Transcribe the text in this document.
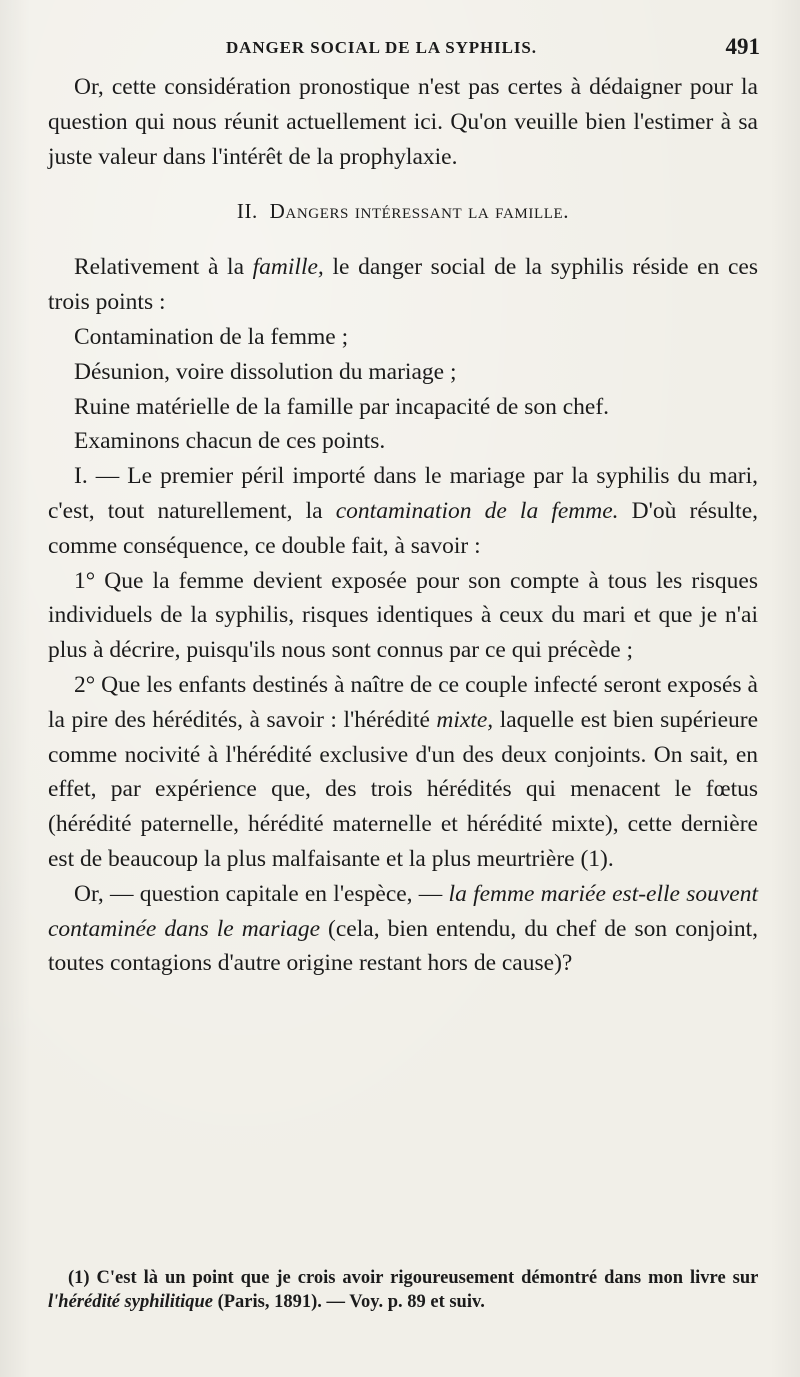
DANGER SOCIAL DE LA SYPHILIS.	491

Or, cette considération pronostique n'est pas certes à dédaigner pour la question qui nous réunit actuellement ici. Qu'on veuille bien l'estimer à sa juste valeur dans l'intérêt de la prophylaxie.

II. Dangers intéressant la famille.

Relativement à la famille, le danger social de la syphilis réside en ces trois points :

Contamination de la femme ;

Désunion, voire dissolution du mariage ;

Ruine matérielle de la famille par incapacité de son chef.

Examinons chacun de ces points.

I. — Le premier péril importé dans le mariage par la syphilis du mari, c'est, tout naturellement, la contamination de la femme. D'où résulte, comme conséquence, ce double fait, à savoir :

1° Que la femme devient exposée pour son compte à tous les risques individuels de la syphilis, risques identiques à ceux du mari et que je n'ai plus à décrire, puisqu'ils nous sont connus par ce qui précède ;

2° Que les enfants destinés à naître de ce couple infecté seront exposés à la pire des hérédités, à savoir : l'hérédité mixte, laquelle est bien supérieure comme nocivité à l'hérédité exclusive d'un des deux conjoints. On sait, en effet, par expérience que, des trois hérédités qui menacent le fœtus (hérédité paternelle, hérédité maternelle et hérédité mixte), cette dernière est de beaucoup la plus malfaisante et la plus meurtrière (1).

Or, — question capitale en l'espèce, — la femme mariée est-elle souvent contaminée dans le mariage (cela, bien entendu, du chef de son conjoint, toutes contagions d'autre origine restant hors de cause)?

(1) C'est là un point que je crois avoir rigoureusement démontré dans mon livre sur l'hérédité syphilitique (Paris, 1891). — Voy. p. 89 et suiv.
